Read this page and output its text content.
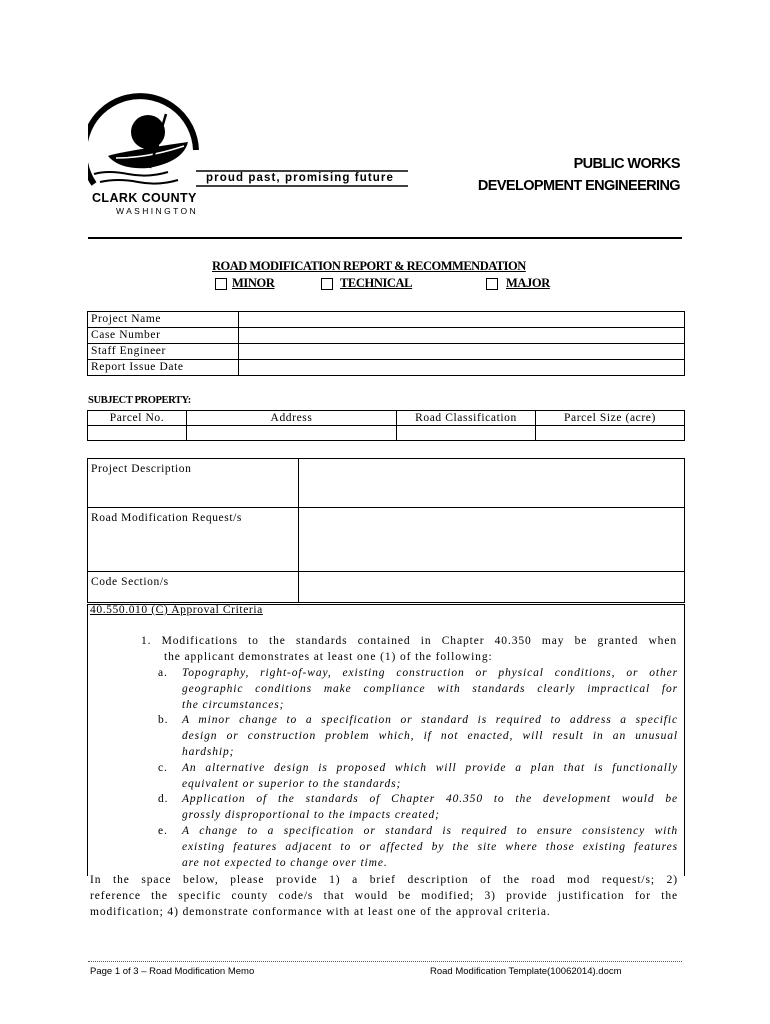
proud past, promising future
CLARK COUNTY
WASHINGTON
PUBLIC WORKS
DEVELOPMENT ENGINEERING
ROAD MODIFICATION REPORT & RECOMMENDATION
MINOR	TECHNICAL	MAJOR
Project Name	
Case Number	
Staff Engineer	
Report Issue Date	
SUBJECT PROPERTY:
Parcel No.	Address	Road Classification	Parcel Size (acre)

Project Description	
Road Modification Request/s	
Code Section/s	
40.550.010 (C) Approval Criteria
1. Modifications to the standards contained in Chapter 40.350 may be granted when
the applicant demonstrates at least one (1) of the following:
a. Topography, right-of-way, existing construction or physical conditions, or other
geographic conditions make compliance with standards clearly impractical for
the circumstances;
b. A minor change to a specification or standard is required to address a specific
design or construction problem which, if not enacted, will result in an unusual
hardship;
c. An alternative design is proposed which will provide a plan that is functionally
equivalent or superior to the standards;
d. Application of the standards of Chapter 40.350 to the development would be
grossly disproportional to the impacts created;
e. A change to a specification or standard is required to ensure consistency with
existing features adjacent to or affected by the site where those existing features
are not expected to change over time.
In the space below, please provide 1) a brief description of the road mod request/s; 2)
reference the specific county code/s that would be modified; 3) provide justification for the
modification; 4) demonstrate conformance with at least one of the approval criteria.
Page 1 of 3 – Road Modification Memo	Road Modification Template(10062014).docm
